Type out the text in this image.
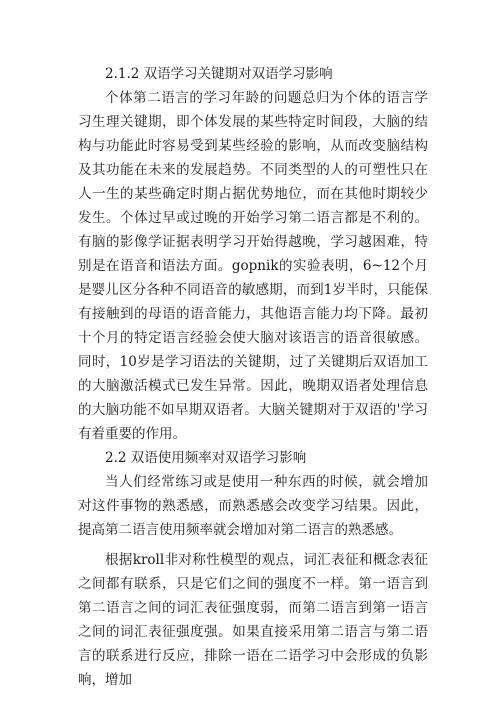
2.1.2 双语学习关键期对双语学习影响

个体第二语言的学习年龄的问题总归为个体的语言学习生理关键期，即个体发展的某些特定时间段，大脑的结构与功能此时容易受到某些经验的影响，从而改变脑结构及其功能在未来的发展趋势。不同类型的人的可塑性只在人一生的某些确定时期占据优势地位，而在其他时期较少发生。个体过早或过晚的开始学习第二语言都是不利的。有脑的影像学证据表明学习开始得越晚，学习越困难，特别是在语音和语法方面。gopnik的实验表明，6~12个月是婴儿区分各种不同语音的敏感期，而到1岁半时，只能保有接触到的母语的语音能力，其他语言能力均下降。最初十个月的特定语言经验会使大脑对该语言的语音很敏感。同时，10岁是学习语法的关键期，过了关键期后双语加工的大脑激活模式已发生异常。因此，晚期双语者处理信息的大脑功能不如早期双语者。大脑关键期对于双语的'学习有着重要的作用。

2.2 双语使用频率对双语学习影响

当人们经常练习或是使用一种东西的时候，就会增加对这件事物的熟悉感，而熟悉感会改变学习结果。因此，提高第二语言使用频率就会增加对第二语言的熟悉感。

根据kroll非对称性模型的观点，词汇表征和概念表征之间都有联系，只是它们之间的强度不一样。第一语言到第二语言之间的词汇表征强度弱，而第二语言到第一语言之间的词汇表征强度强。如果直接采用第二语言与第二语言的联系进行反应，排除一语在二语学习中会形成的负影响，增加
